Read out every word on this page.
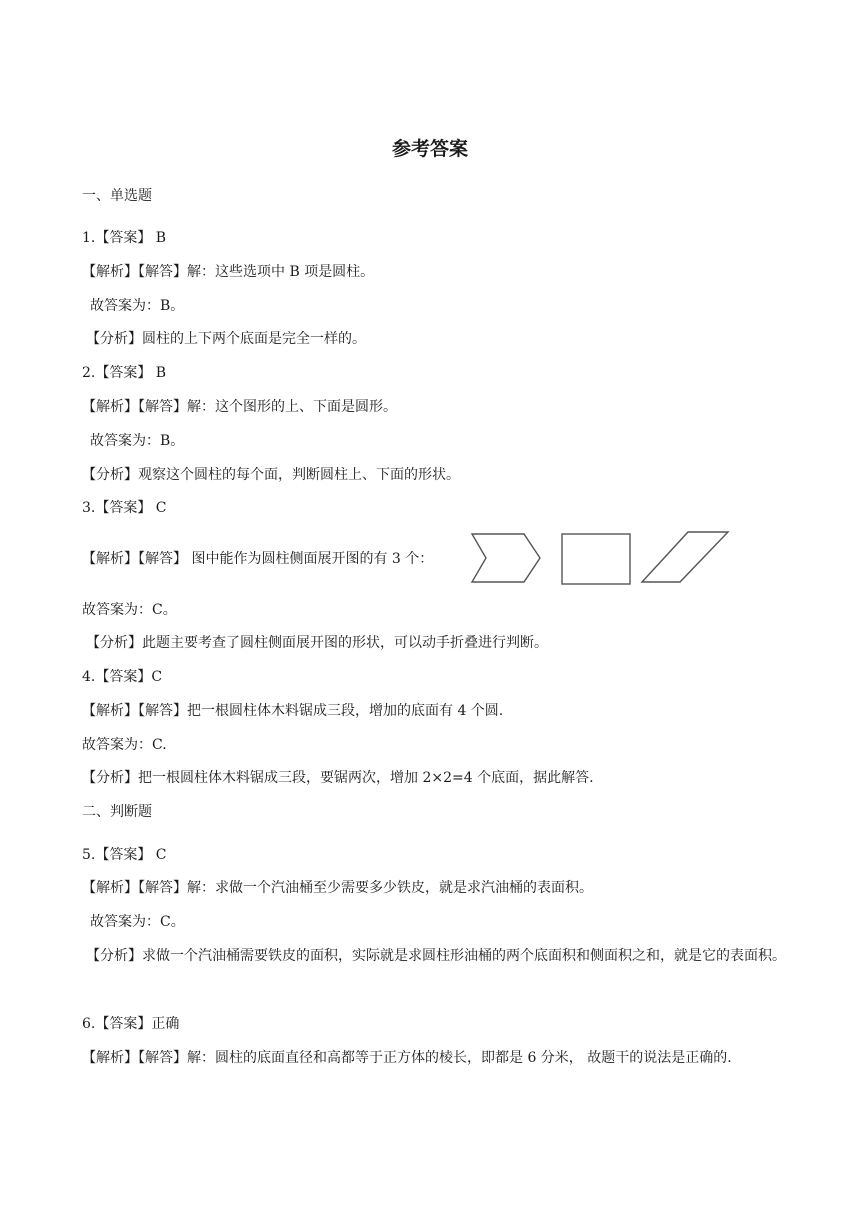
参考答案
一、单选题
1.【答案】 B
【解析】【解答】解：这些选项中 B 项是圆柱。
故答案为：B。
【分析】圆柱的上下两个底面是完全一样的。
2.【答案】 B
【解析】【解答】解：这个图形的上、下面是圆形。
故答案为：B。
【分析】观察这个圆柱的每个面，判断圆柱上、下面的形状。
3.【答案】 C
【解析】【解答】 图中能作为圆柱侧面展开图的有 3 个：
故答案为：C。
【分析】此题主要考查了圆柱侧面展开图的形状，可以动手折叠进行判断。
4.【答案】C
【解析】【解答】把一根圆柱体木料锯成三段，增加的底面有 4 个圆.
故答案为：C.
【分析】把一根圆柱体木料锯成三段，要锯两次，增加 2×2=4 个底面，据此解答.
二、判断题
5.【答案】 C
【解析】【解答】解：求做一个汽油桶至少需要多少铁皮，就是求汽油桶的表面积。
故答案为：C。
【分析】求做一个汽油桶需要铁皮的面积，实际就是求圆柱形油桶的两个底面积和侧面积之和，就是它的表面积。
6.【答案】正确
【解析】【解答】解：圆柱的底面直径和高都等于正方体的棱长，即都是 6 分米， 故题干的说法是正确的.
